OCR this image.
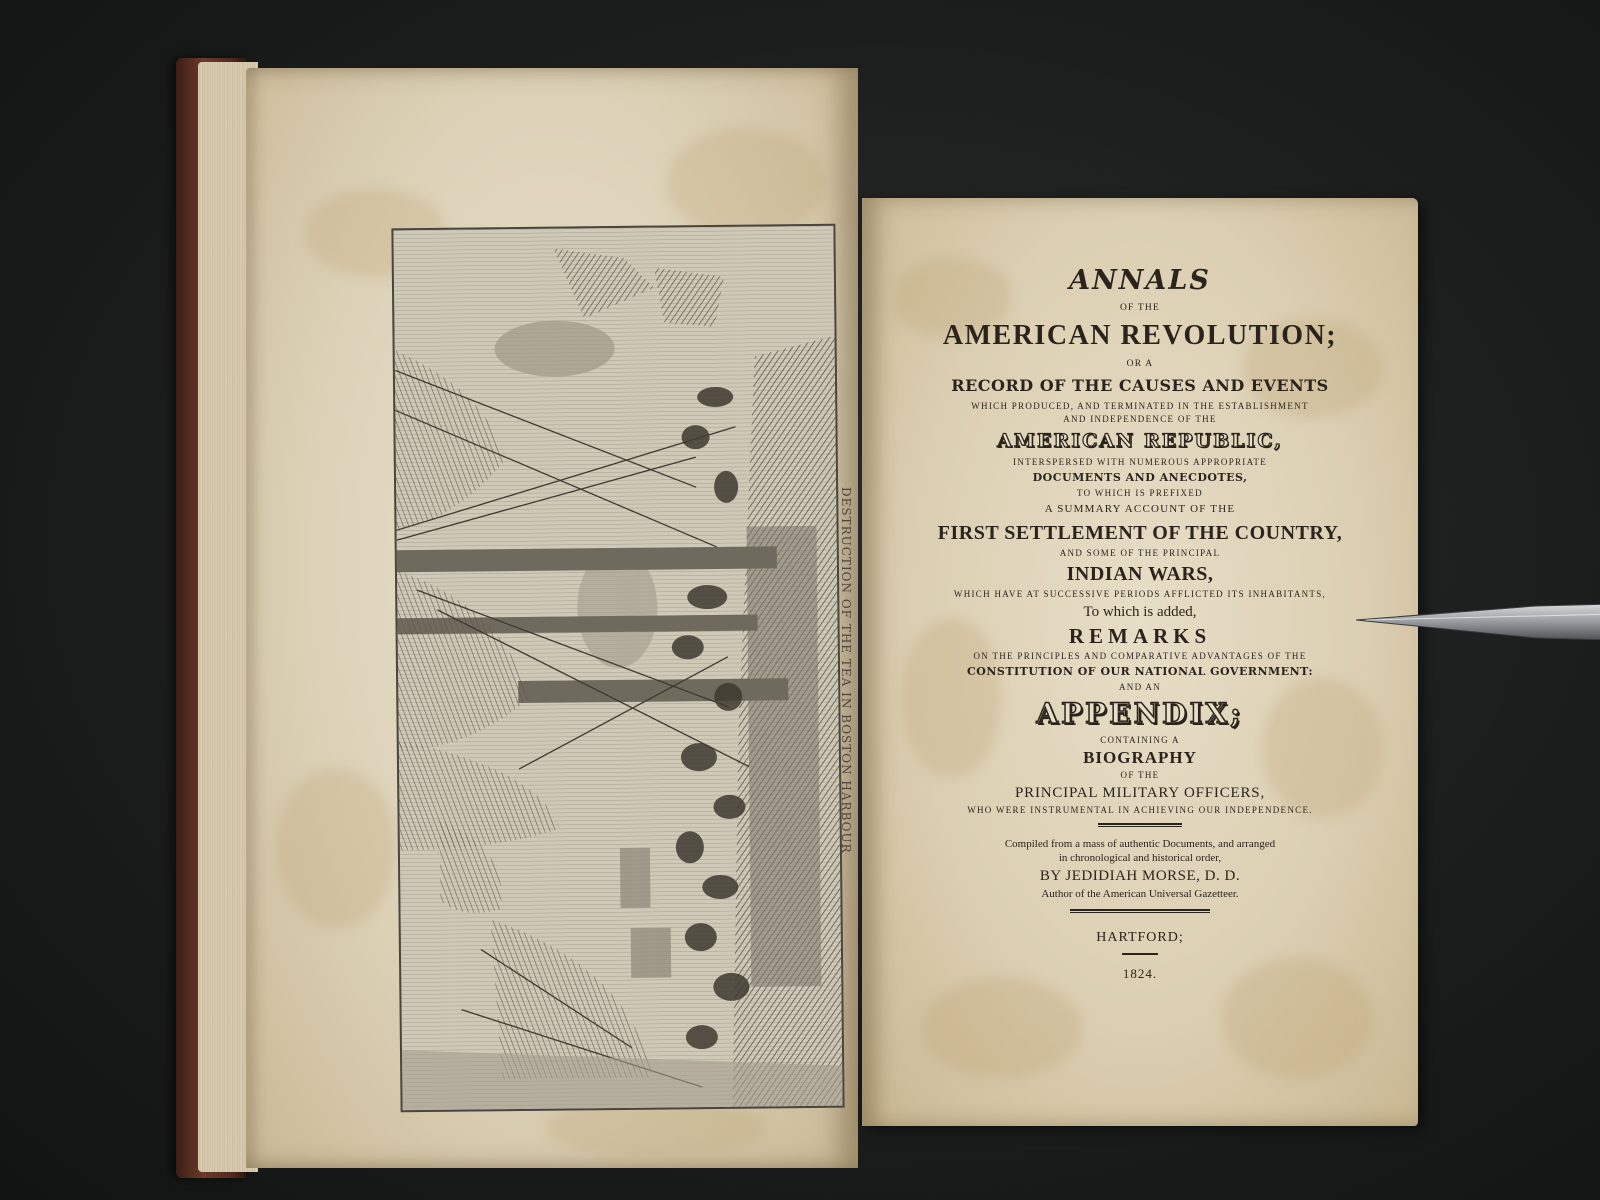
DESTRUCTION OF THE TEA IN BOSTON HARBOUR
ANNALS
OF THE
AMERICAN REVOLUTION;
OR A
RECORD OF THE CAUSES AND EVENTS
WHICH PRODUCED, AND TERMINATED IN THE ESTABLISHMENT
AND INDEPENDENCE OF THE
AMERICAN REPUBLIC,
INTERSPERSED WITH NUMEROUS APPROPRIATE
DOCUMENTS AND ANECDOTES,
TO WHICH IS PREFIXED
A SUMMARY ACCOUNT OF THE
FIRST SETTLEMENT OF THE COUNTRY,
AND SOME OF THE PRINCIPAL
INDIAN WARS,
WHICH HAVE AT SUCCESSIVE PERIODS AFFLICTED ITS INHABITANTS,
To which is added,
REMARKS
ON THE PRINCIPLES AND COMPARATIVE ADVANTAGES OF THE
CONSTITUTION OF OUR NATIONAL GOVERNMENT:
AND AN
APPENDIX;
CONTAINING A
BIOGRAPHY
OF THE
PRINCIPAL MILITARY OFFICERS,
WHO WERE INSTRUMENTAL IN ACHIEVING OUR INDEPENDENCE.
Compiled from a mass of authentic Documents, and arranged
in chronological and historical order,
BY JEDIDIAH MORSE, D. D.
Author of the American Universal Gazetteer.
HARTFORD;
1824.
